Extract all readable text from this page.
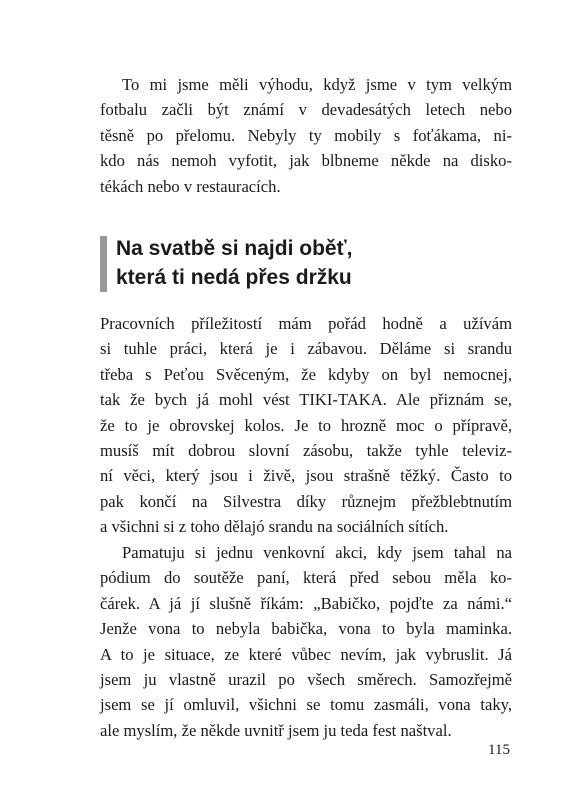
To mi jsme měli výhodu, když jsme v tym velkým
fotbalu začli být známí v devadesátých letech nebo
těsně po přelomu. Nebyly ty mobily s foťákama, ni-
kdo nás nemoh vyfotit, jak blbneme někde na disko-
tékách nebo v restauracích.

Na svatbě si najdi oběť,
která ti nedá přes držku

Pracovních příležitostí mám pořád hodně a užívám
si tuhle práci, která je i zábavou. Děláme si srandu
třeba s Peťou Svěceným, že kdyby on byl nemocnej,
tak že bych já mohl vést TIKI-TAKA. Ale přiznám se,
že to je obrovskej kolos. Je to hrozně moc o přípravě,
musíš mít dobrou slovní zásobu, takže tyhle televiz-
ní věci, který jsou i živě, jsou strašně těžký. Často to
pak končí na Silvestra díky různejm přežblebtnutím
a všichni si z toho dělajó srandu na sociálních sítích.

Pamatuju si jednu venkovní akci, kdy jsem tahal na
pódium do soutěže paní, která před sebou měla ko-
čárek. A já jí slušně říkám: „Babičko, pojďte za námi.“
Jenže vona to nebyla babička, vona to byla maminka.
A to je situace, ze které vůbec nevím, jak vybruslit. Já
jsem ju vlastně urazil po všech směrech. Samozřejmě
jsem se jí omluvil, všichni se tomu zasmáli, vona taky,
ale myslím, že někde uvnitř jsem ju teda fest naštval.

115
